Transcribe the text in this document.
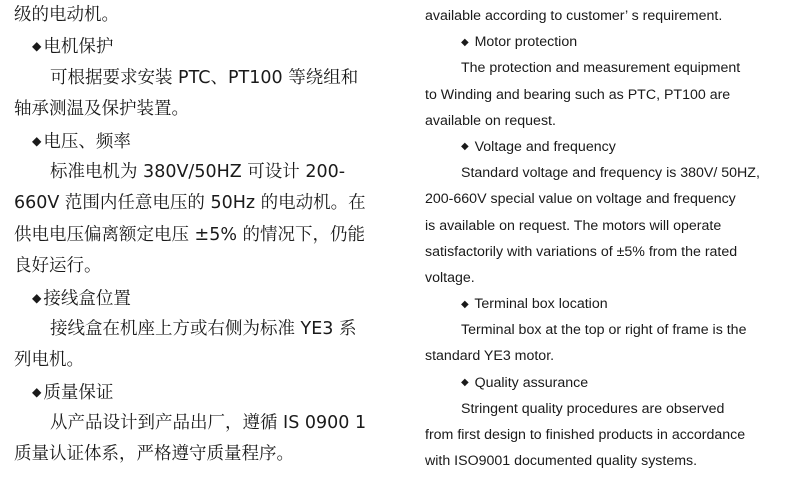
级的电动机。
◆ 电机保护
可根据要求安装 PTC、PT100 等绕组和
轴承测温及保护装置。
◆ 电压、频率
标准电机为 380V/50HZ 可设计 200-
660V 范围内任意电压的 50Hz 的电动机。在
供电电压偏离额定电压 ±5% 的情况下，仍能
良好运行。
◆ 接线盒位置
接线盒在机座上方或右侧为标准 YE3 系
列电机。
◆ 质量保证
从产品设计到产品出厂，遵循 IS 0900 1
质量认证体系，严格遵守质量程序。
available according to customer’ s requirement.
◆ Motor protection
The protection and measurement equipment
to Winding and bearing such as PTC, PT100 are
available on request.
◆ Voltage and frequency
Standard voltage and frequency is 380V/ 50HZ,
200-660V special value on voltage and frequency
is available on request. The motors will operate
satisfactorily with variations of ±5% from the rated
voltage.
◆ Terminal box location
Terminal box at the top or right of frame is the
standard YE3 motor.
◆ Quality assurance
Stringent quality procedures are observed
from first design to finished products in accordance
with ISO9001 documented quality systems.
